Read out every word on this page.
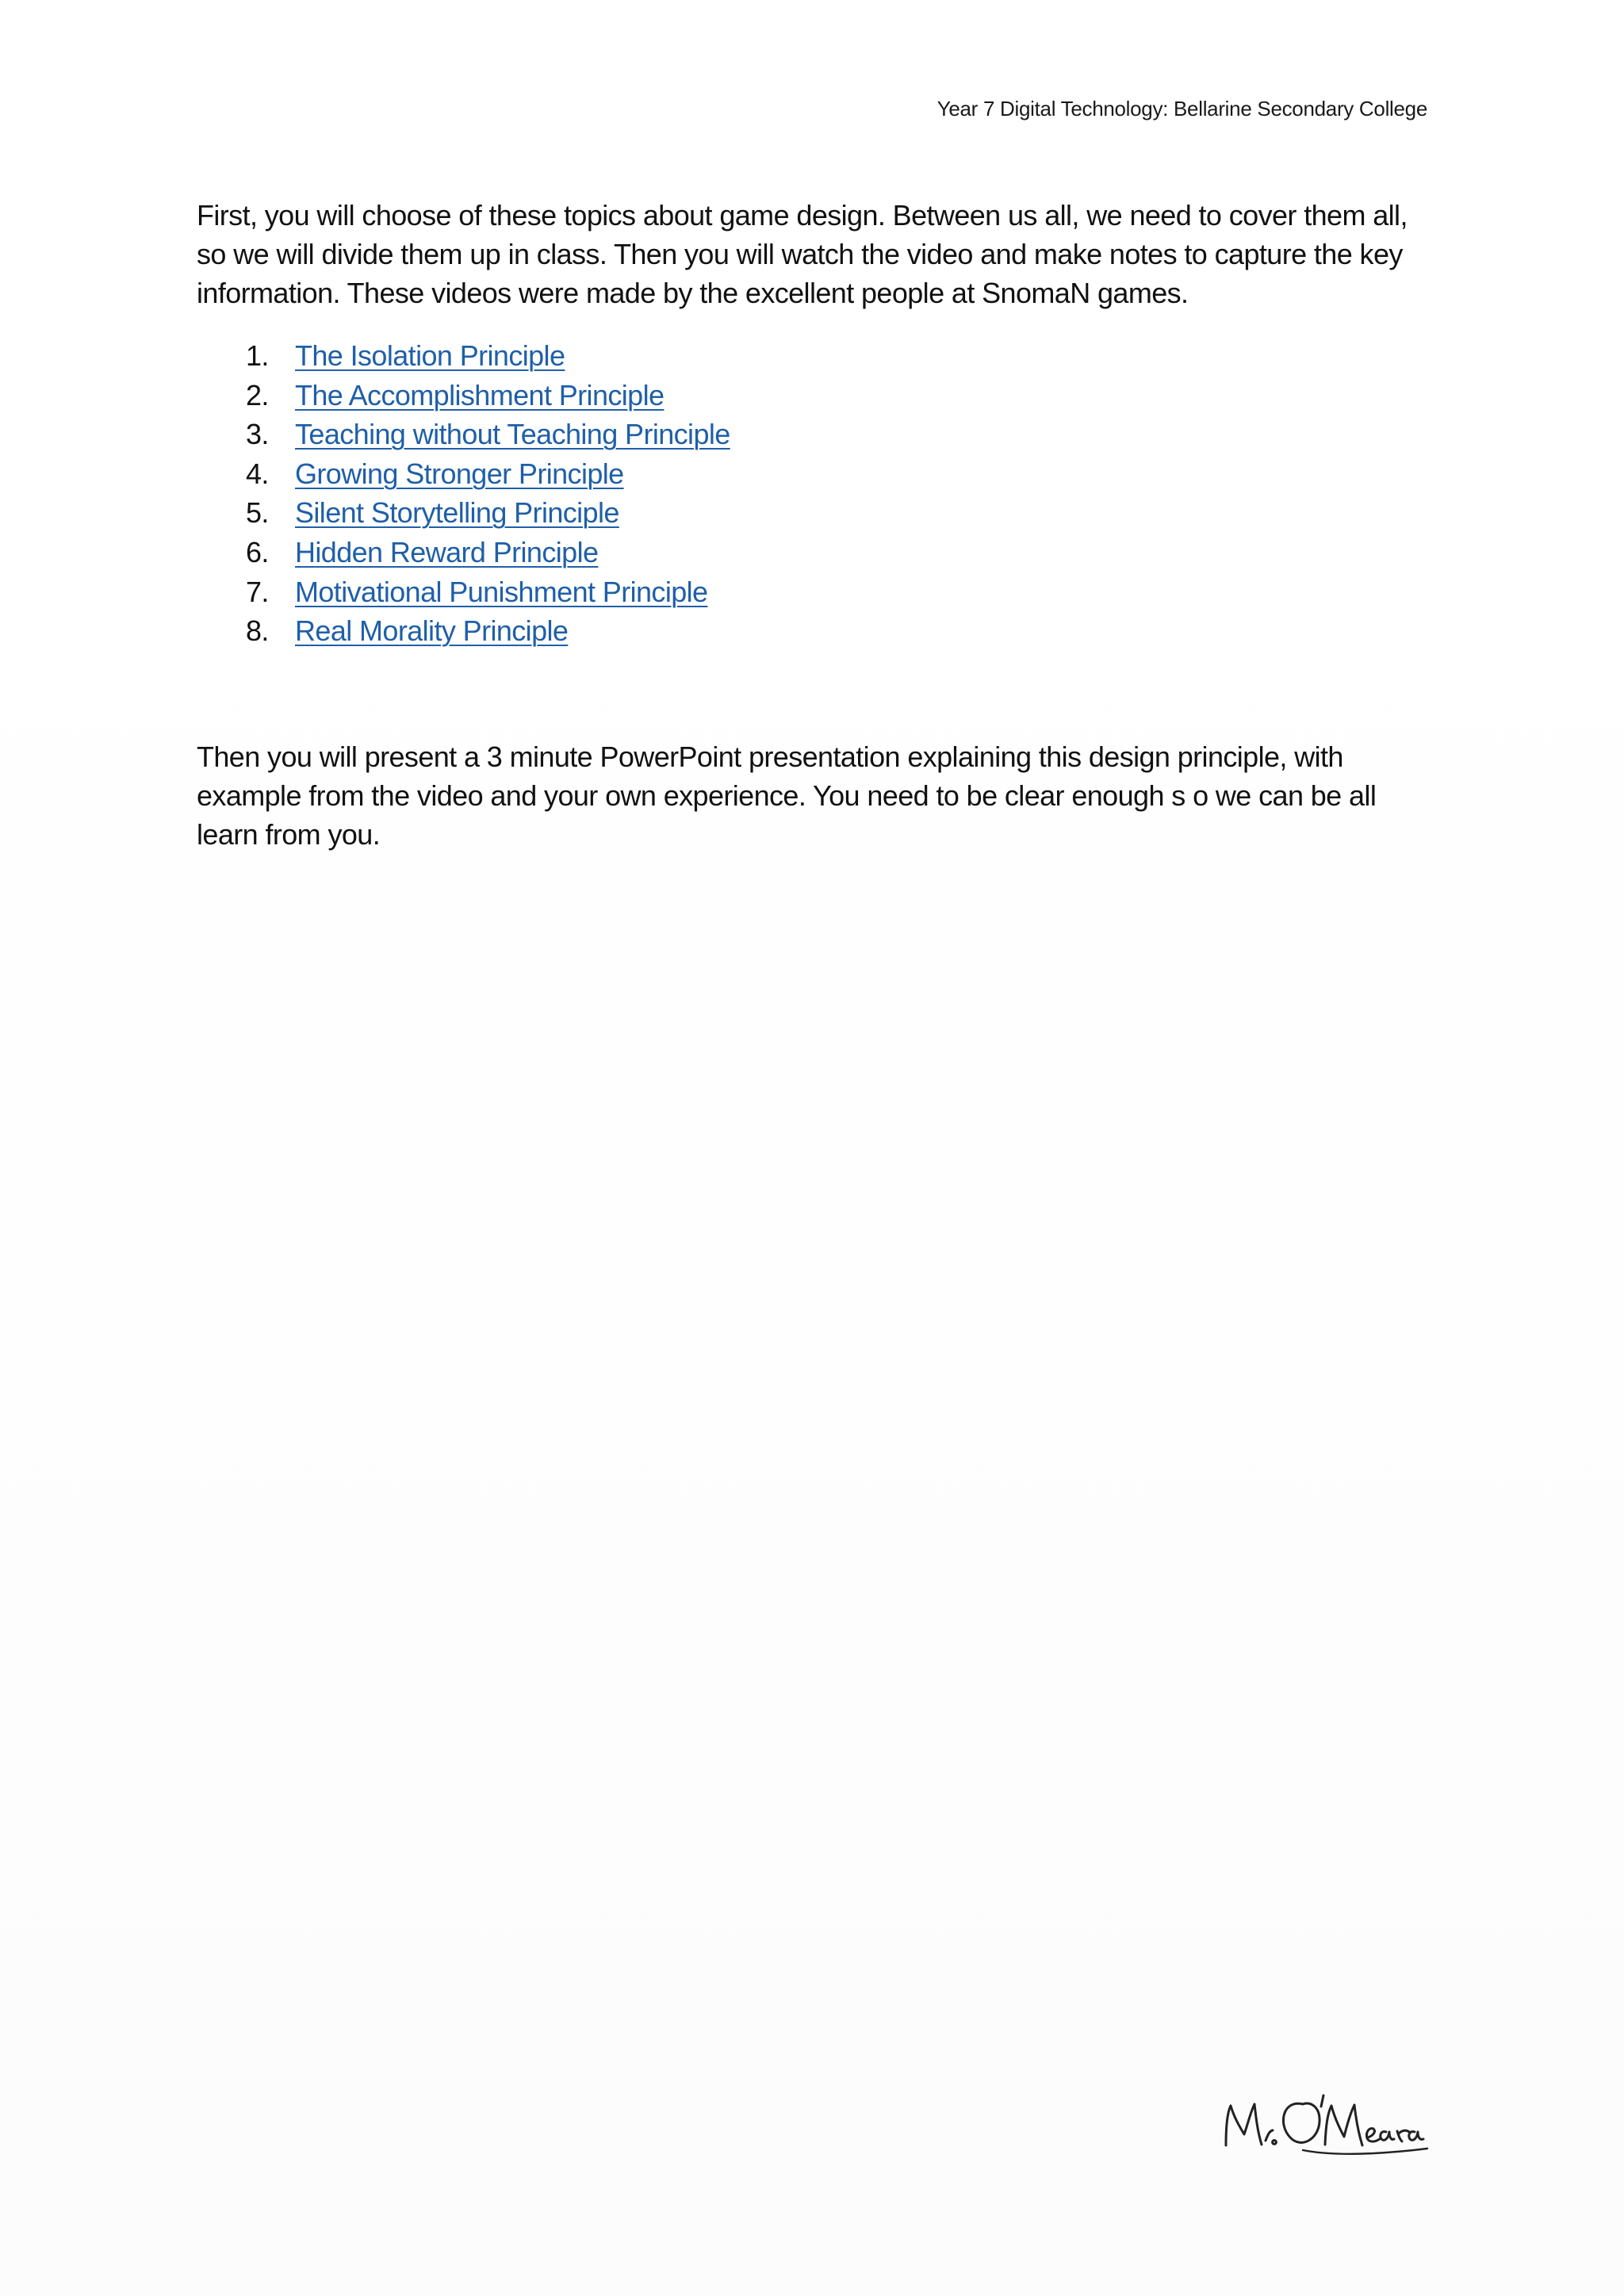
Year 7 Digital Technology: Bellarine Secondary College

First, you will choose of these topics about game design. Between us all, we need to cover them all, so we will divide them up in class. Then you will watch the video and make notes to capture the key information. These videos were made by the excellent people at SnomaN games.

1. The Isolation Principle
2. The Accomplishment Principle
3. Teaching without Teaching Principle
4. Growing Stronger Principle
5. Silent Storytelling Principle
6. Hidden Reward Principle
7. Motivational Punishment Principle
8. Real Morality Principle

Then you will present a 3 minute PowerPoint presentation explaining this design principle, with example from the video and your own experience. You need to be clear enough s o we can be all learn from you.
